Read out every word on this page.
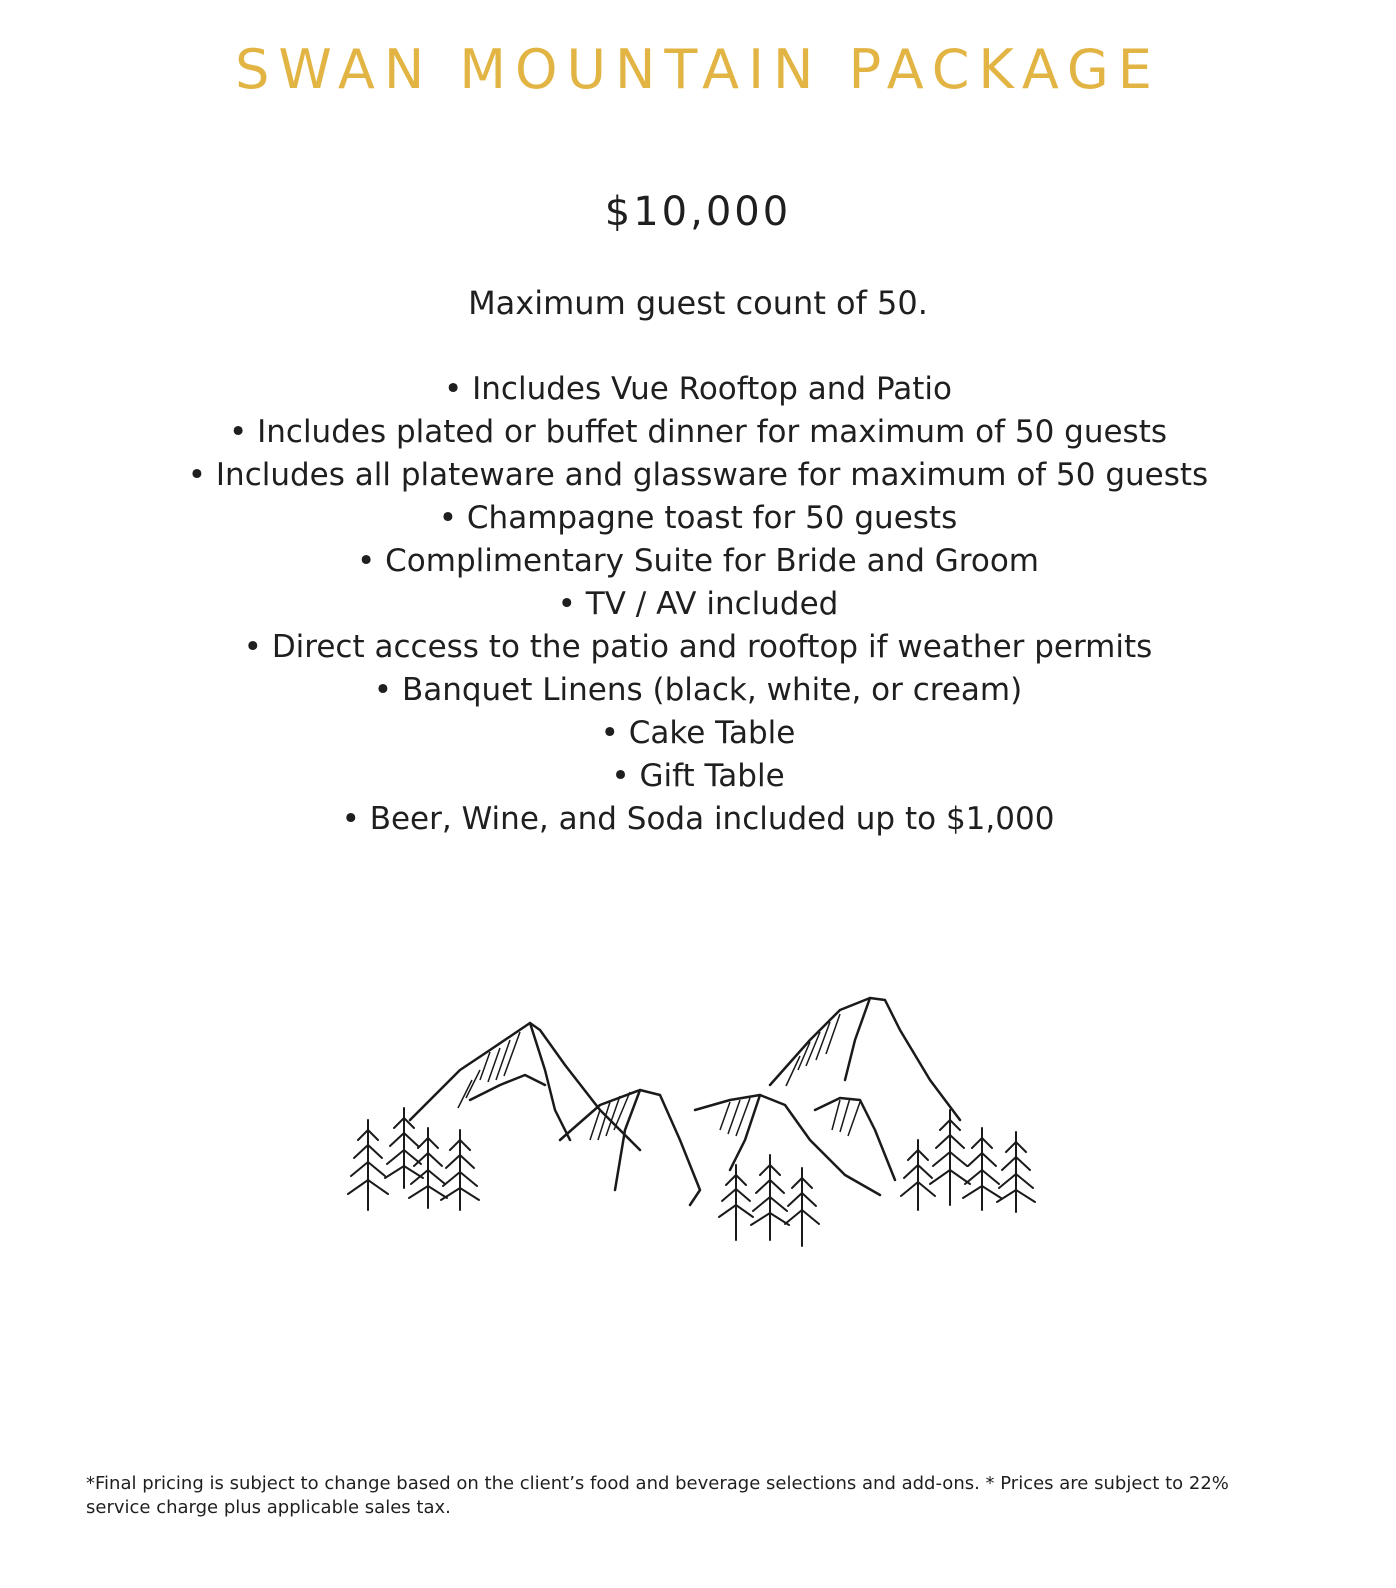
SWAN MOUNTAIN PACKAGE
$10,000
Maximum guest count of 50.
• Includes Vue Rooftop and Patio
• Includes plated or buffet dinner for maximum of 50 guests
• Includes all plateware and glassware for maximum of 50 guests
• Champagne toast for 50 guests
• Complimentary Suite for Bride and Groom
• TV / AV included
• Direct access to the patio and rooftop if weather permits
• Banquet Linens (black, white, or cream)
• Cake Table
• Gift Table
• Beer, Wine, and Soda included up to $1,000
*Final pricing is subject to change based on the client’s food and beverage selections and add-ons. * Prices are subject to 22% service charge plus applicable sales tax.
